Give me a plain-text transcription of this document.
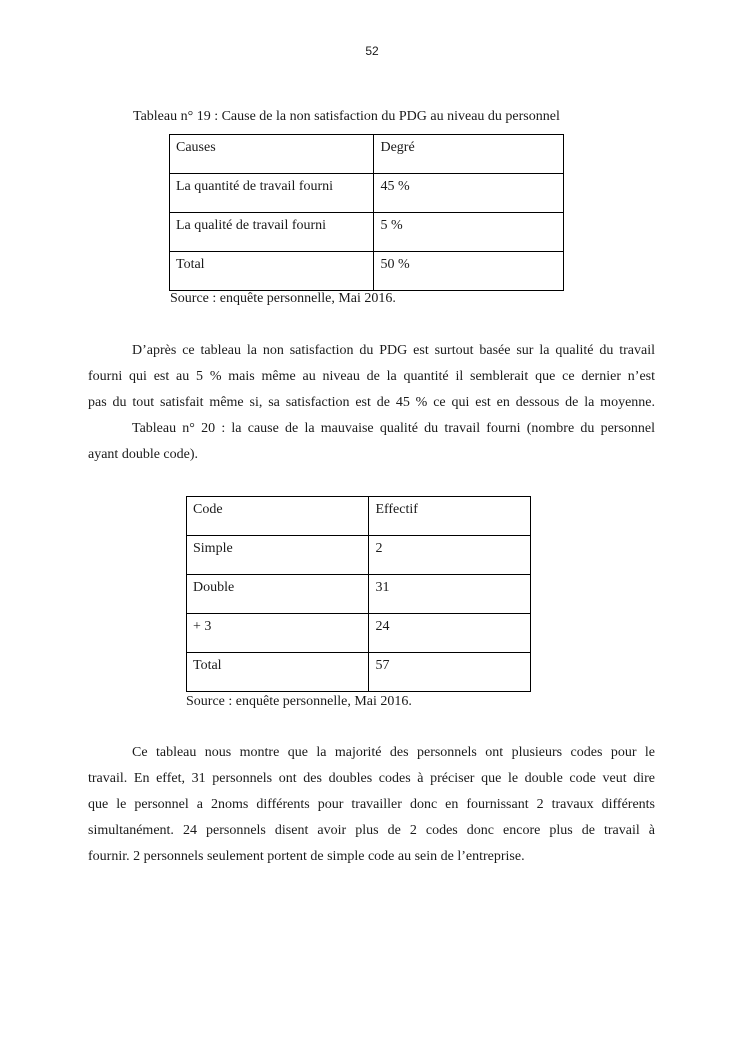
52
Tableau n° 19 : Cause de la non satisfaction du PDG au niveau du personnel
Causes	Degré
La quantité de travail fourni	45 %
La qualité de travail fourni	5 %
Total	50 %
Source : enquête personnelle, Mai 2016.
D’après ce tableau la non satisfaction du PDG est surtout basée sur la qualité du travail
fourni qui est au 5 % mais même au niveau de la quantité il semblerait que ce dernier n’est
pas du tout satisfait même si, sa satisfaction est de 45 % ce qui est en dessous de la moyenne.
Tableau n° 20 : la cause de la mauvaise qualité du travail fourni (nombre du personnel
ayant double code).
Code	Effectif
Simple	2
Double	31
+ 3	24
Total	57
Source : enquête personnelle, Mai 2016.
Ce tableau nous montre que la majorité des personnels ont plusieurs codes pour le
travail. En effet, 31 personnels ont des doubles codes à préciser que le double code veut dire
que le personnel a 2noms différents pour travailler donc en fournissant 2 travaux différents
simultanément. 24 personnels disent avoir plus de 2 codes donc encore plus de travail à
fournir. 2 personnels seulement portent de simple code au sein de l’entreprise.
